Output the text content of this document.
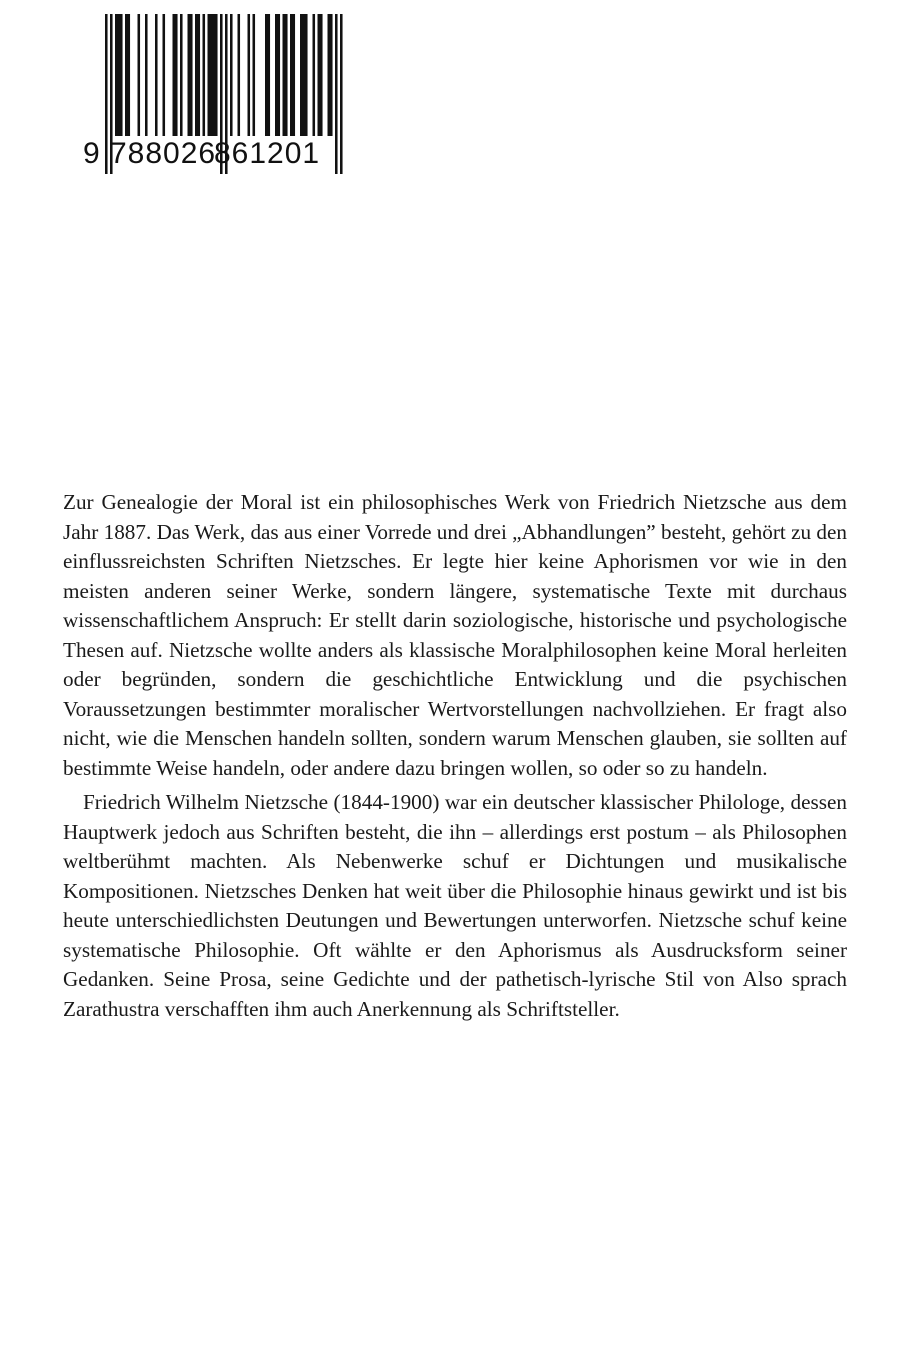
9 788026
861201

Zur Genealogie der Moral ist ein philosophisches Werk von Friedrich Nietzsche aus dem Jahr 1887. Das Werk, das aus einer Vorrede und drei „Abhandlungen” besteht, gehört zu den einflussreichsten Schriften Nietzsches. Er legte hier keine Aphorismen vor wie in den meisten anderen seiner Werke, sondern längere, systematische Texte mit durchaus wissenschaftlichem Anspruch: Er stellt darin soziologische, historische und psychologische Thesen auf. Nietzsche wollte anders als klassische Moralphilosophen keine Moral herleiten oder begründen, sondern die geschichtliche Entwicklung und die psychischen Voraussetzungen bestimmter moralischer Wertvorstellungen nachvollziehen. Er fragt also nicht, wie die Menschen handeln sollten, sondern warum Menschen glauben, sie sollten auf bestimmte Weise handeln, oder andere dazu bringen wollen, so oder so zu handeln.

Friedrich Wilhelm Nietzsche (1844-1900) war ein deutscher klassischer Philologe, dessen Hauptwerk jedoch aus Schriften besteht, die ihn – allerdings erst postum – als Philosophen weltberühmt machten. Als Nebenwerke schuf er Dichtungen und musikalische Kompositionen. Nietzsches Denken hat weit über die Philosophie hinaus gewirkt und ist bis heute unterschiedlichsten Deutungen und Bewertungen unterworfen. Nietzsche schuf keine systematische Philosophie. Oft wählte er den Aphorismus als Ausdrucksform seiner Gedanken. Seine Prosa, seine Gedichte und der pathetisch-lyrische Stil von Also sprach Zarathustra verschafften ihm auch Anerkennung als Schriftsteller.
